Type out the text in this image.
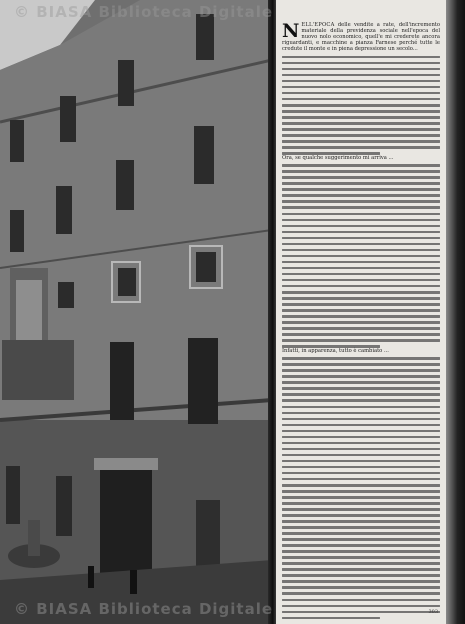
N ELL'EPOCA delle vendite a rate, dell'incremento materiale della previdenza sociale nell'epoca del nuovo nolo economico, quell'e mi crederete ancora riguardanti, e macchine a pianza Farnese perché tutte le credute il monte e in piena depressione un secolo...
Ora, se qualche suggerimento mi arriva ...
Infatti, in apparenza, tutto è cambiato ...
303
© BIASA Biblioteca Digitale
© BIASA Biblioteca Digitale
